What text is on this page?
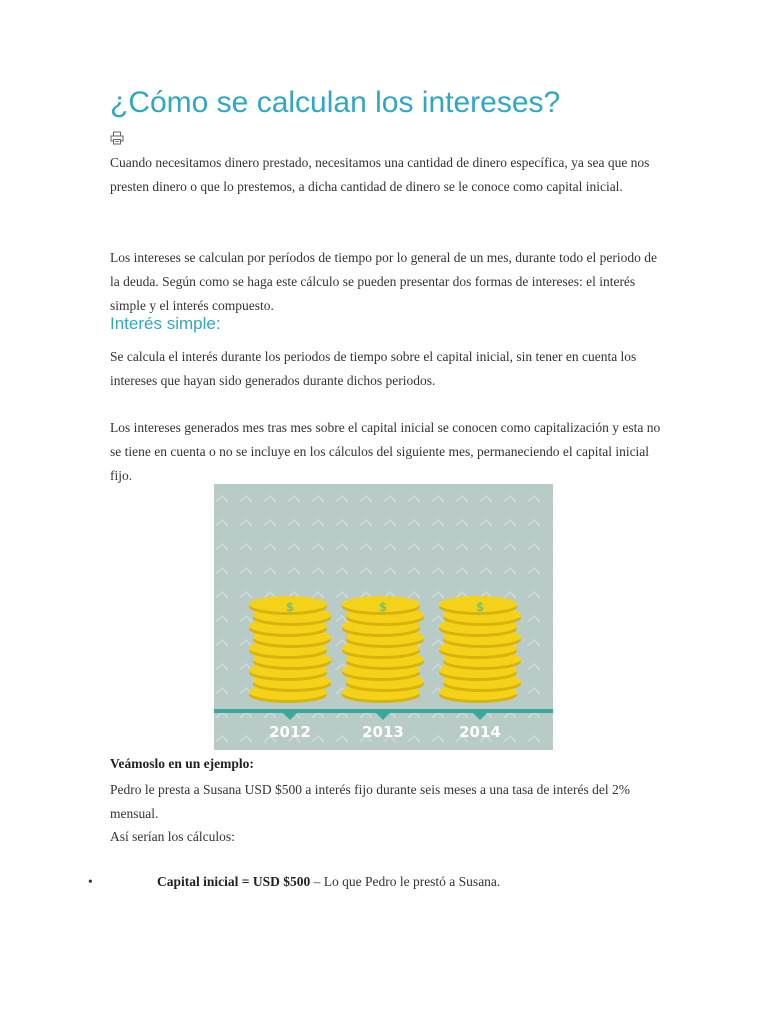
¿Cómo se calculan los intereses?

Cuando necesitamos dinero prestado, necesitamos una cantidad de dinero específica, ya sea que nos presten dinero o que lo prestemos, a dicha cantidad de dinero se le conoce como capital inicial.

Los intereses se calculan por períodos de tiempo por lo general de un mes, durante todo el periodo de la deuda. Según como se haga este cálculo se pueden presentar dos formas de intereses: el interés simple y el interés compuesto.

Interés simple:

Se calcula el interés durante los periodos de tiempo sobre el capital inicial, sin tener en cuenta los intereses que hayan sido generados durante dichos periodos.

Los intereses generados mes tras mes sobre el capital inicial se conocen como capitalización y esta no se tiene en cuenta o no se incluye en los cálculos del siguiente mes, permaneciendo el capital inicial fijo.

$	$	$
2012	2013	2014

Veámoslo en un ejemplo:

Pedro le presta a Susana USD $500 a interés fijo durante seis meses a una tasa de interés del 2% mensual.

Así serían los cálculos:

•	Capital inicial = USD $500 – Lo que Pedro le prestó a Susana.
